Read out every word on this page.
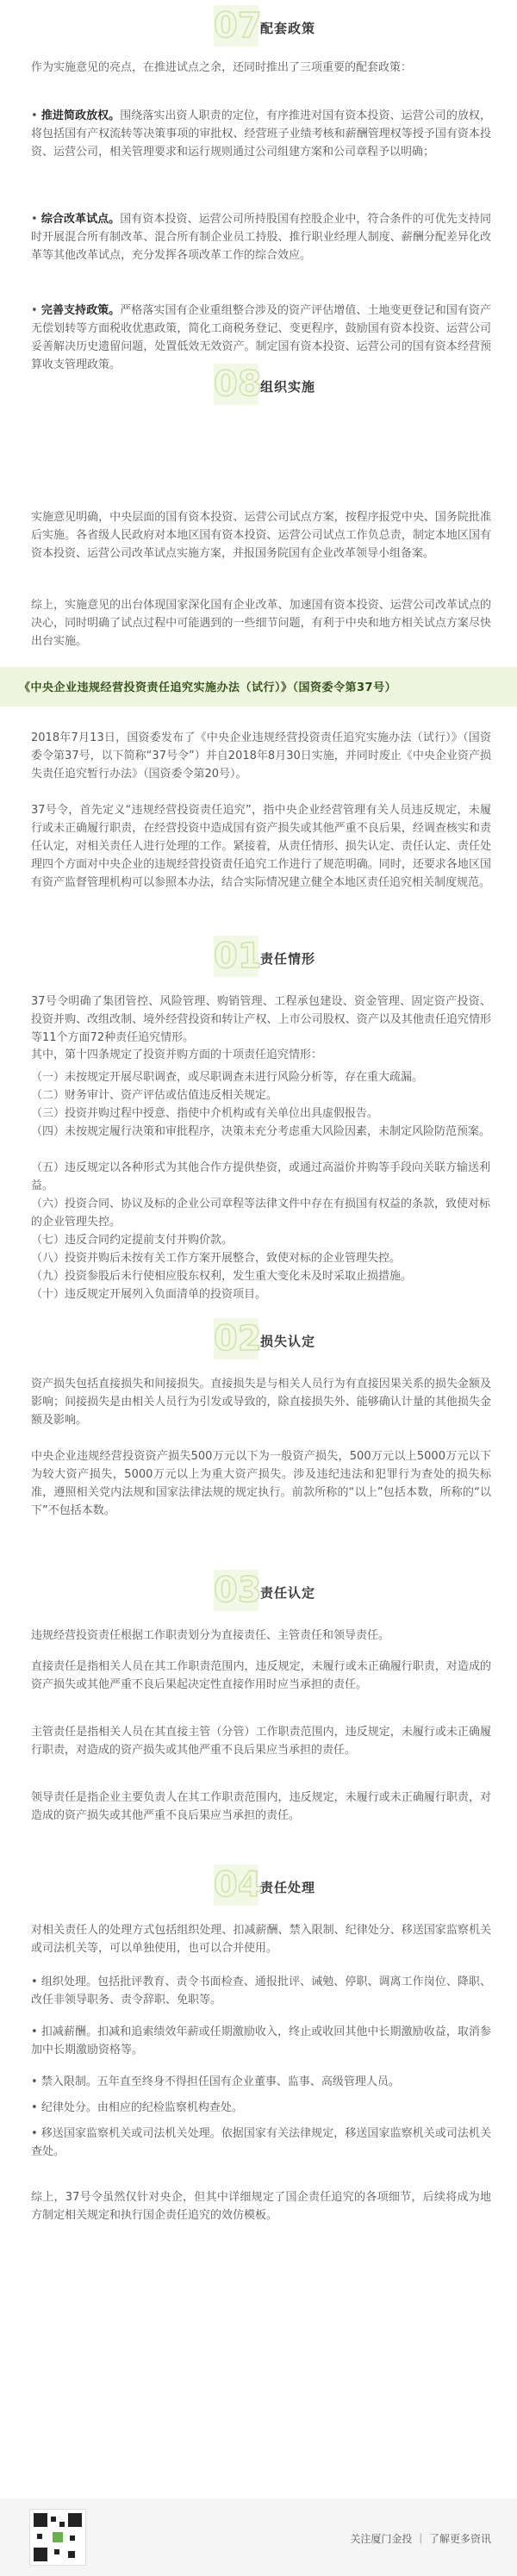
07
配套政策
作为实施意见的亮点，在推进试点之余，还同时推出了三项重要的配套政策：
• 推进简政放权。围绕落实出资人职责的定位，有序推进对国有资本投资、运营公司的放权，将包括国有产权流转等决策事项的审批权、经营班子业绩考核和薪酬管理权等授予国有资本投资、运营公司，相关管理要求和运行规则通过公司组建方案和公司章程予以明确；
• 综合改革试点。国有资本投资、运营公司所持股国有控股企业中，符合条件的可优先支持同时开展混合所有制改革、混合所有制企业员工持股、推行职业经理人制度、薪酬分配差异化改革等其他改革试点，充分发挥各项改革工作的综合效应。
• 完善支持政策。严格落实国有企业重组整合涉及的资产评估增值、土地变更登记和国有资产无偿划转等方面税收优惠政策，简化工商税务登记、变更程序，鼓励国有资本投资、运营公司妥善解决历史遗留问题，处置低效无效资产。制定国有资本投资、运营公司的国有资本经营预算收支管理政策。	08
组织实施
实施意见明确，中央层面的国有资本投资、运营公司试点方案，按程序报党中央、国务院批准后实施。各省级人民政府对本地区国有资本投资、运营公司试点工作负总责，制定本地区国有资本投资、运营公司改革试点实施方案，并报国务院国有企业改革领导小组备案。
综上，实施意见的出台体现国家深化国有企业改革、加速国有资本投资、运营公司改革试点的决心，同时明确了试点过程中可能遇到的一些细节问题，有利于中央和地方相关试点方案尽快出台实施。
《中央企业违规经营投资责任追究实施办法（试行）》（国资委令第37号）
2018年7月13日，国资委发布了《中央企业违规经营投资责任追究实施办法（试行）》（国资委令第37号，以下简称“37号令”）并自2018年8月30日实施，并同时废止《中央企业资产损失责任追究暂行办法》（国资委令第20号）。
37号令，首先定义“违规经营投资责任追究”，指中央企业经营管理有关人员违反规定，未履行或未正确履行职责，在经营投资中造成国有资产损失或其他严重不良后果，经调查核实和责任认定，对相关责任人进行处理的工作。紧接着，从责任情形、损失认定、责任认定、责任处理四个方面对中央企业的违规经营投资责任追究工作进行了规范明确。同时，还要求各地区国有资产监督管理机构可以参照本办法，结合实际情况建立健全本地区责任追究相关制度规范。
01
责任情形
37号令明确了集团管控、风险管理、购销管理、工程承包建设、资金管理、固定资产投资、投资并购、改组改制、境外经营投资和转让产权、上市公司股权、资产以及其他责任追究情形等11个方面72种责任追究情形。
其中，第十四条规定了投资并购方面的十项责任追究情形：
（一）未按规定开展尽职调查，或尽职调查未进行风险分析等，存在重大疏漏。
（二）财务审计、资产评估或估值违反相关规定。
（三）投资并购过程中授意、指使中介机构或有关单位出具虚假报告。
（四）未按规定履行决策和审批程序，决策未充分考虑重大风险因素，未制定风险防范预案。
（五）违反规定以各种形式为其他合作方提供垫资，或通过高溢价并购等手段向关联方输送利益。
（六）投资合同、协议及标的企业公司章程等法律文件中存在有损国有权益的条款，致使对标的企业管理失控。
（七）违反合同约定提前支付并购价款。
（八）投资并购后未按有关工作方案开展整合，致使对标的企业管理失控。
（九）投资参股后未行使相应股东权利，发生重大变化未及时采取止损措施。
（十）违反规定开展列入负面清单的投资项目。
02
损失认定
资产损失包括直接损失和间接损失。直接损失是与相关人员行为有直接因果关系的损失金额及影响；间接损失是由相关人员行为引发或导致的，除直接损失外、能够确认计量的其他损失金额及影响。
中央企业违规经营投资资产损失500万元以下为一般资产损失，500万元以上5000万元以下为较大资产损失，5000万元以上为重大资产损失。涉及违纪违法和犯罪行为查处的损失标准，遵照相关党内法规和国家法律法规的规定执行。前款所称的“以上”包括本数，所称的“以下”不包括本数。
03
责任认定
违规经营投资责任根据工作职责划分为直接责任、主管责任和领导责任。
直接责任是指相关人员在其工作职责范围内，违反规定，未履行或未正确履行职责，对造成的资产损失或其他严重不良后果起决定性直接作用时应当承担的责任。
主管责任是指相关人员在其直接主管（分管）工作职责范围内，违反规定，未履行或未正确履行职责，对造成的资产损失或其他严重不良后果应当承担的责任。
领导责任是指企业主要负责人在其工作职责范围内，违反规定，未履行或未正确履行职责，对造成的资产损失或其他严重不良后果应当承担的责任。
04
责任处理
对相关责任人的处理方式包括组织处理、扣减薪酬、禁入限制、纪律处分、移送国家监察机关或司法机关等，可以单独使用，也可以合并使用。
• 组织处理。包括批评教育、责令书面检查、通报批评、诫勉、停职、调离工作岗位、降职、改任非领导职务、责令辞职、免职等。
• 扣减薪酬。扣减和追索绩效年薪或任期激励收入，终止或收回其他中长期激励收益，取消参加中长期激励资格等。
• 禁入限制。五年直至终身不得担任国有企业董事、监事、高级管理人员。
• 纪律处分。由相应的纪检监察机构查处。
• 移送国家监察机关或司法机关处理。依据国家有关法律规定，移送国家监察机关或司法机关查处。
综上，37号令虽然仅针对央企，但其中详细规定了国企责任追究的各项细节，后续将成为地方制定相关规定和执行国企责任追究的效仿模板。
关注厦门金投 ｜ 了解更多资讯
